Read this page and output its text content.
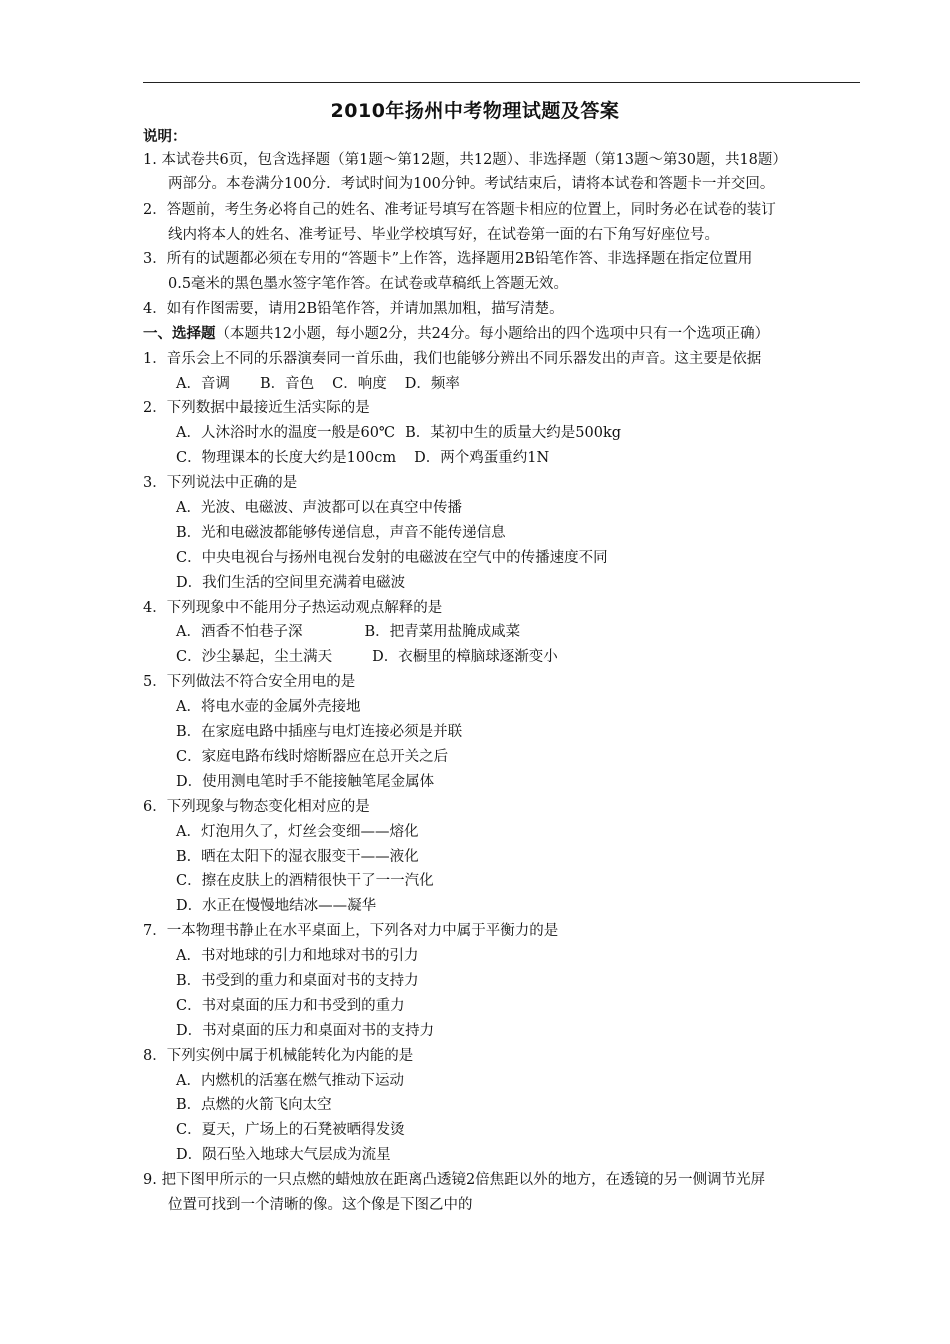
2010年扬州中考物理试题及答案
说明：
1. 本试卷共6页，包含选择题（第1题～第12题，共12题）、非选择题（第13题～第30题，共18题）
两部分。本卷满分100分．考试时间为100分钟。考试结束后，请将本试卷和答题卡一并交回。
2．答题前，考生务必将自己的姓名、准考证号填写在答题卡相应的位置上，同时务必在试卷的装订
线内将本人的姓名、准考证号、毕业学校填写好，在试卷第一面的右下角写好座位号。
3．所有的试题都必须在专用的“答题卡”上作答，选择题用2B铅笔作答、非选择题在指定位置用
0.5毫米的黑色墨水签字笔作答。在试卷或草稿纸上答题无效。
4．如有作图需要，请用2B铅笔作答，并请加黑加粗，描写清楚。
一、选择题（本题共12小题，每小题2分，共24分。每小题给出的四个选项中只有一个选项正确）
1．音乐会上不同的乐器演奏同一首乐曲，我们也能够分辨出不同乐器发出的声音。这主要是依据
A．音调 B．音色 C．响度 D．频率
2．下列数据中最接近生活实际的是
A．人沐浴时水的温度一般是60℃ B．某初中生的质量大约是500kg
C．物理课本的长度大约是100cm D．两个鸡蛋重约1N
3．下列说法中正确的是
A．光波、电磁波、声波都可以在真空中传播
B．光和电磁波都能够传递信息，声音不能传递信息
C．中央电视台与扬州电视台发射的电磁波在空气中的传播速度不同
D．我们生活的空间里充满着电磁波
4．下列现象中不能用分子热运动观点解释的是
A．酒香不怕巷子深	B．把青菜用盐腌成咸菜
C．沙尘暴起，尘土满天	D．衣橱里的樟脑球逐渐变小
5．下列做法不符合安全用电的是
A．将电水壶的金属外壳接地
B．在家庭电路中插座与电灯连接必须是并联
C．家庭电路布线时熔断器应在总开关之后
D．使用测电笔时手不能接触笔尾金属体
6．下列现象与物态变化相对应的是
A．灯泡用久了，灯丝会变细——熔化
B．晒在太阳下的湿衣服变干——液化
C．擦在皮肤上的酒精很快干了一一汽化
D．水正在慢慢地结冰——凝华
7．一本物理书静止在水平桌面上，下列各对力中属于平衡力的是
A．书对地球的引力和地球对书的引力
B．书受到的重力和桌面对书的支持力
C．书对桌面的压力和书受到的重力
D．书对桌面的压力和桌面对书的支持力
8．下列实例中属于机械能转化为内能的是
A．内燃机的活塞在燃气推动下运动
B．点燃的火箭飞向太空
C．夏天，广场上的石凳被晒得发烫
D．陨石坠入地球大气层成为流星
9. 把下图甲所示的一只点燃的蜡烛放在距离凸透镜2倍焦距以外的地方，在透镜的另一侧调节光屏
位置可找到一个清晰的像。这个像是下图乙中的
